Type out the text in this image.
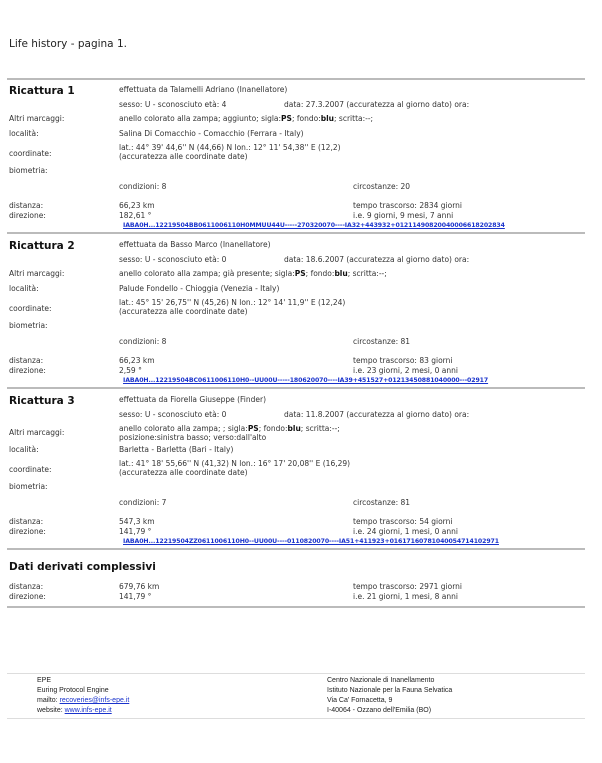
Life history - pagina 1.
Ricattura 1	effettuata da Talamelli Adriano (Inanellatore)
sesso: U - sconosciuto età: 4	data: 27.3.2007 (accuratezza al giorno dato) ora:
Altri marcaggi:	anello colorato alla zampa; aggiunto; sigla:PS; fondo:blu; scritta:--;
località:	Salina Di Comacchio - Comacchio (Ferrara - Italy)
coordinate:
lat.: 44° 39' 44,6'' N (44,66) N lon.: 12° 11' 54,38'' E (12,2)
(accuratezza alle coordinate date)
biometria:
condizioni: 8	circostanze: 20
distanza:	66,23 km	tempo trascorso: 2834 giorni
direzione:	182,61 °	i.e. 9 giorni, 9 mesi, 7 anni
IABA0H...12219504BB0611006110H0MMUU44U-----270320070----IA32+443932+01211490820040006618202834
Ricattura 2	effettuata da Basso Marco (Inanellatore)
sesso: U - sconosciuto età: 0	data: 18.6.2007 (accuratezza al giorno dato) ora:
Altri marcaggi:	anello colorato alla zampa; già presente; sigla:PS; fondo:blu; scritta:--;
località:	Palude Fondello - Chioggia (Venezia - Italy)
coordinate:
lat.: 45° 15' 26,75'' N (45,26) N lon.: 12° 14' 11,9'' E (12,24)
(accuratezza alle coordinate date)
biometria:
condizioni: 8	circostanze: 81
distanza:	66,23 km	tempo trascorso: 83 giorni
direzione:	2,59 °	i.e. 23 giorni, 2 mesi, 0 anni
IABA0H...12219504BC0611006110H0--UU00U-----180620070----IA39+451527+01213450881040000---02917
Ricattura 3	effettuata da Fiorella Giuseppe (Finder)
sesso: U - sconosciuto età: 0	data: 11.8.2007 (accuratezza al giorno dato) ora:
Altri marcaggi:	anello colorato alla zampa; ; sigla:PS; fondo:blu; scritta:--;
posizione:sinistra basso; verso:dall'alto
località:	Barletta - Barletta (Bari - Italy)
coordinate:
lat.: 41° 18' 55,66'' N (41,32) N lon.: 16° 17' 20,08'' E (16,29)
(accuratezza alle coordinate date)
biometria:
condizioni: 7	circostanze: 81
distanza:	547,3 km	tempo trascorso: 54 giorni
direzione:	141,79 °	i.e. 24 giorni, 1 mesi, 0 anni
IABA0H...12219504ZZ0611006110H0--UU00U----0110820070----IA51+411923+01617160781040054714102971
Dati derivati complessivi
distanza:	679,76 km	tempo trascorso: 2971 giorni
direzione:	141,79 °	i.e. 21 giorni, 1 mesi, 8 anni
EPE
Euring Protocol Engine
mailto: recoveries@infs-epe.it
website: www.infs-epe.it
Centro Nazionale di Inanellamento
Istituto Nazionale per la Fauna Selvatica
Via Ca' Fornacetta, 9
I-40064 - Ozzano dell'Emilia (BO)
